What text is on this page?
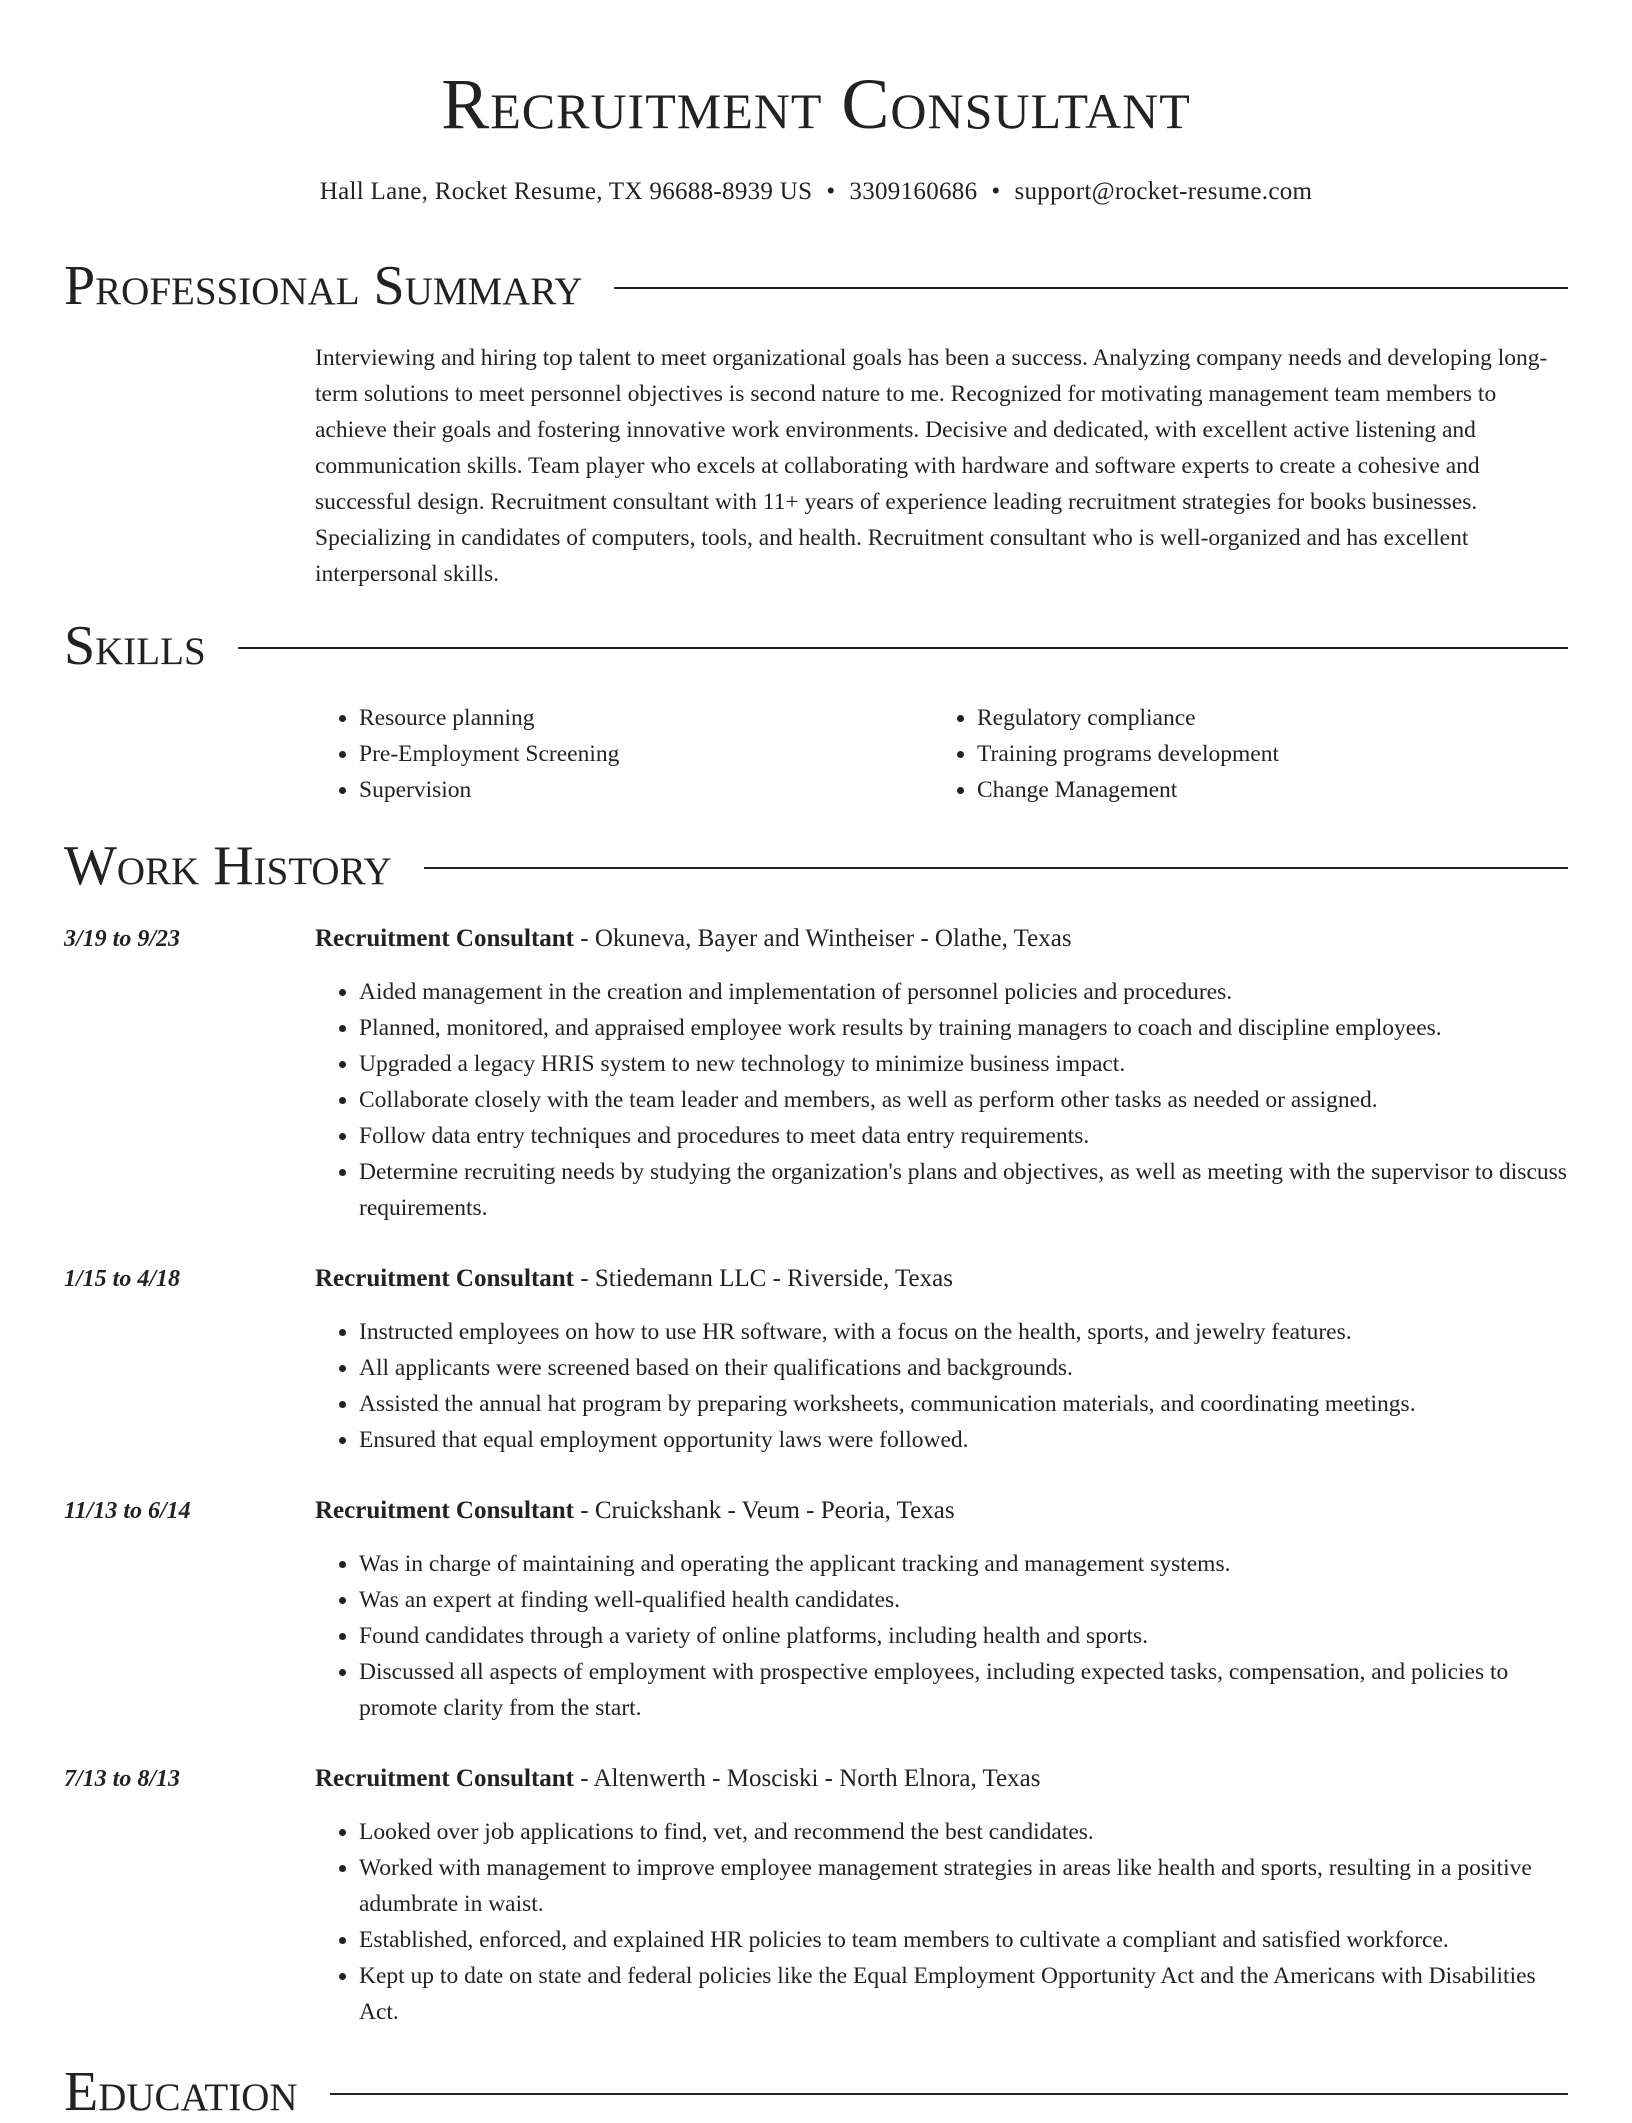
Recruitment Consultant
Hall Lane, Rocket Resume, TX 96688-8939 US • 3309160686 • support@rocket-resume.com
Professional Summary

Interviewing and hiring top talent to meet organizational goals has been a success. Analyzing company needs and developing long-term solutions to meet personnel objectives is second nature to me. Recognized for motivating management team members to achieve their goals and fostering innovative work environments. Decisive and dedicated, with excellent active listening and communication skills. Team player who excels at collaborating with hardware and software experts to create a cohesive and successful design. Recruitment consultant with 11+ years of experience leading recruitment strategies for books businesses. Specializing in candidates of computers, tools, and health. Recruitment consultant who is well-organized and has excellent interpersonal skills.

Skills
• Resource planning
• Pre-Employment Screening
• Supervision
• Regulatory compliance
• Training programs development
• Change Management
Work History
3/19 to 9/23	Recruitment Consultant - Okuneva, Bayer and Wintheiser - Olathe, Texas
• Aided management in the creation and implementation of personnel policies and procedures.
• Planned, monitored, and appraised employee work results by training managers to coach and discipline employees.
• Upgraded a legacy HRIS system to new technology to minimize business impact.
• Collaborate closely with the team leader and members, as well as perform other tasks as needed or assigned.
• Follow data entry techniques and procedures to meet data entry requirements.
• Determine recruiting needs by studying the organization's plans and objectives, as well as meeting with the supervisor to discuss requirements.
1/15 to 4/18	Recruitment Consultant - Stiedemann LLC - Riverside, Texas
• Instructed employees on how to use HR software, with a focus on the health, sports, and jewelry features.
• All applicants were screened based on their qualifications and backgrounds.
• Assisted the annual hat program by preparing worksheets, communication materials, and coordinating meetings.
• Ensured that equal employment opportunity laws were followed.
11/13 to 6/14	Recruitment Consultant - Cruickshank - Veum - Peoria, Texas
• Was in charge of maintaining and operating the applicant tracking and management systems.
• Was an expert at finding well-qualified health candidates.
• Found candidates through a variety of online platforms, including health and sports.
• Discussed all aspects of employment with prospective employees, including expected tasks, compensation, and policies to promote clarity from the start.
7/13 to 8/13	Recruitment Consultant - Altenwerth - Mosciski - North Elnora, Texas
• Looked over job applications to find, vet, and recommend the best candidates.
• Worked with management to improve employee management strategies in areas like health and sports, resulting in a positive adumbrate in waist.
• Established, enforced, and explained HR policies to team members to cultivate a compliant and satisfied workforce.
• Kept up to date on state and federal policies like the Equal Employment Opportunity Act and the Americans with Disabilities Act.
Education
